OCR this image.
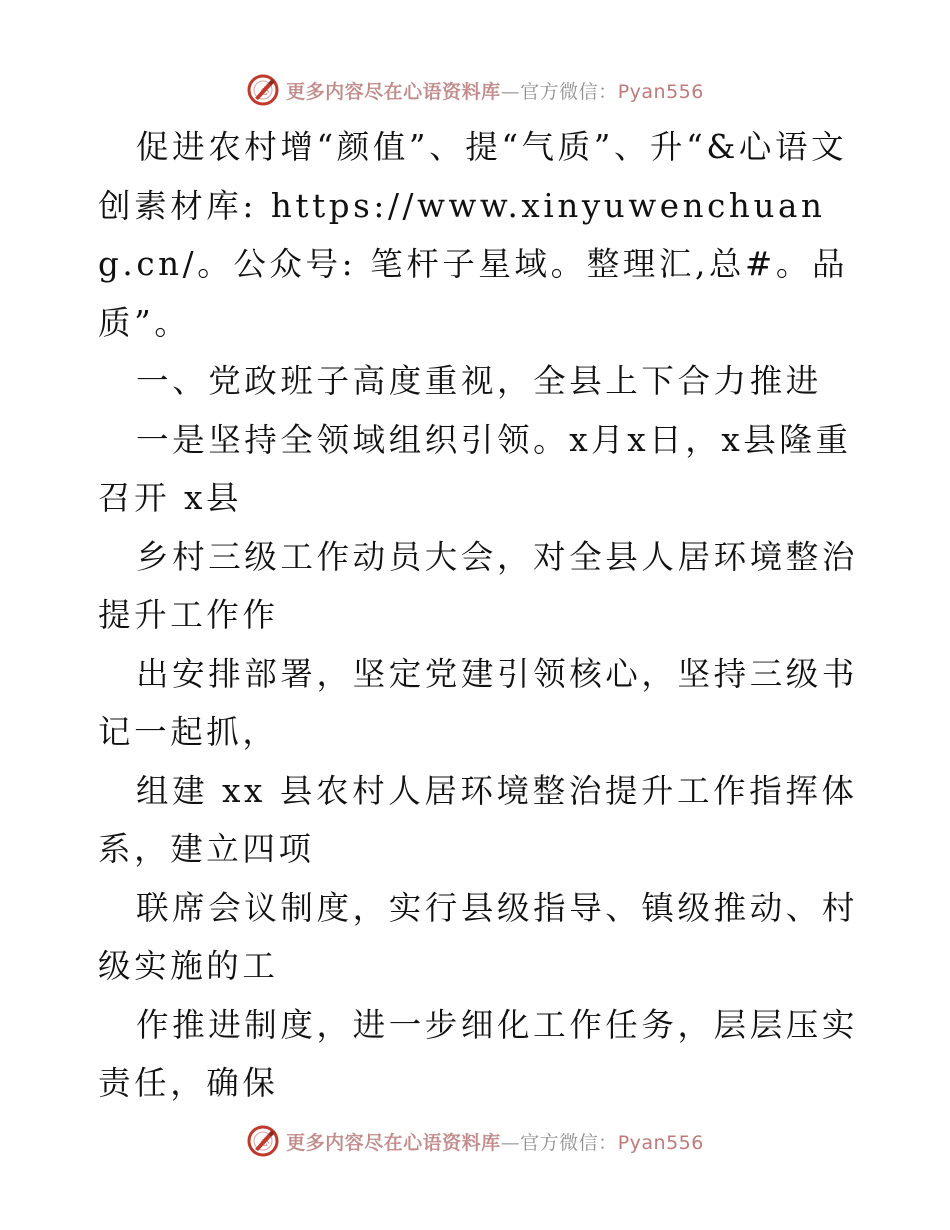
心 更多内容尽在心语资料库—官方微信：Pyan556

促进农村增“颜值”、提“气质”、升“&心语文创素材库: https://www.xinyuwenchuang.cn/。公众号: 笔杆子星域。整理汇,总#。品质”。

一、党政班子高度重视，全县上下合力推进

一是坚持全领域组织引领。x月x日，x县隆重召开 x县

乡村三级工作动员大会，对全县人居环境整治提升工作作

出安排部署，坚定党建引领核心，坚持三级书记一起抓，

组建 xx 县农村人居环境整治提升工作指挥体系，建立四项

联席会议制度，实行县级指导、镇级推动、村级实施的工

作推进制度，进一步细化工作任务，层层压实责任，确保

心 更多内容尽在心语资料库—官方微信：Pyan556
